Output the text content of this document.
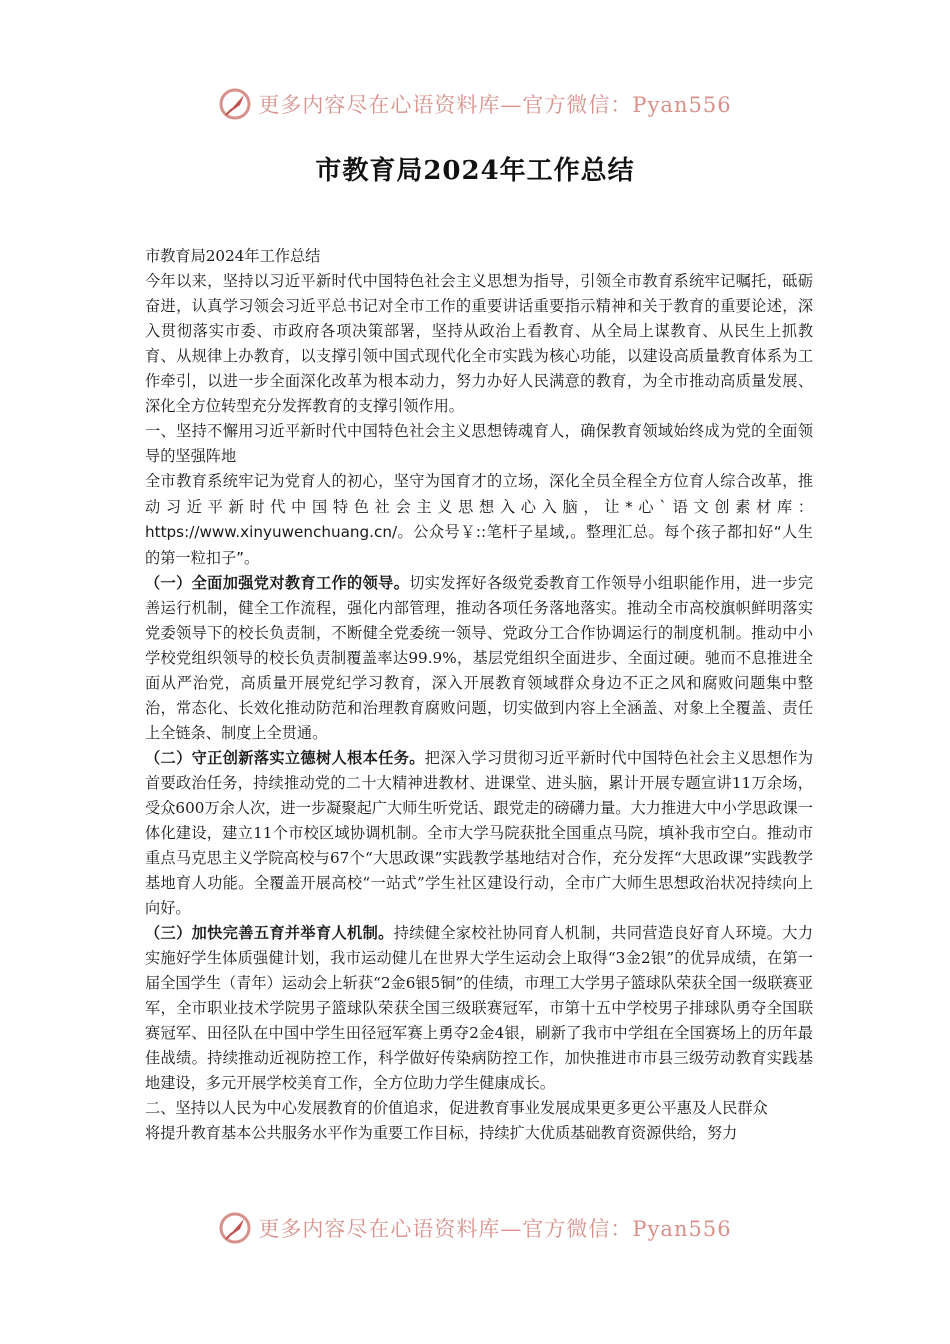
更多内容尽在心语资料库—官方微信：Pyan556
市教育局2024年工作总结

市教育局2024年工作总结

今年以来，坚持以习近平新时代中国特色社会主义思想为指导，引领全市教育系统牢记嘱托，砥砺奋进，认真学习领会习近平总书记对全市工作的重要讲话重要指示精神和关于教育的重要论述，深入贯彻落实市委、市政府各项决策部署，坚持从政治上看教育、从全局上谋教育、从民生上抓教育、从规律上办教育，以支撑引领中国式现代化全市实践为核心功能，以建设高质量教育体系为工作牵引，以进一步全面深化改革为根本动力，努力办好人民满意的教育，为全市推动高质量发展、深化全方位转型充分发挥教育的支撑引领作用。

一、坚持不懈用习近平新时代中国特色社会主义思想铸魂育人，确保教育领域始终成为党的全面领导的坚强阵地

全市教育系统牢记为党育人的初心，坚守为国育才的立场，深化全员全程全方位育人综合改革，推动习近平新时代中国特色社会主义思想入心入脑，让*心`语文创素材库：https://www.xinyuwenchuang.cn/。公众号￥::笔杆子星域,。整理汇总。每个孩子都扣好“人生的第一粒扣子”。

（一）全面加强党对教育工作的领导。切实发挥好各级党委教育工作领导小组职能作用，进一步完善运行机制，健全工作流程，强化内部管理，推动各项任务落地落实。推动全市高校旗帜鲜明落实党委领导下的校长负责制，不断健全党委统一领导、党政分工合作协调运行的制度机制。推动中小学校党组织领导的校长负责制覆盖率达99.9%，基层党组织全面进步、全面过硬。驰而不息推进全面从严治党，高质量开展党纪学习教育，深入开展教育领域群众身边不正之风和腐败问题集中整治，常态化、长效化推动防范和治理教育腐败问题，切实做到内容上全涵盖、对象上全覆盖、责任上全链条、制度上全贯通。

（二）守正创新落实立德树人根本任务。把深入学习贯彻习近平新时代中国特色社会主义思想作为首要政治任务，持续推动党的二十大精神进教材、进课堂、进头脑，累计开展专题宣讲11万余场，受众600万余人次，进一步凝聚起广大师生听党话、跟党走的磅礴力量。大力推进大中小学思政课一体化建设，建立11个市校区域协调机制。全市大学马院获批全国重点马院，填补我市空白。推动市重点马克思主义学院高校与67个“大思政课”实践教学基地结对合作，充分发挥“大思政课”实践教学基地育人功能。全覆盖开展高校“一站式”学生社区建设行动，全市广大师生思想政治状况持续向上向好。

（三）加快完善五育并举育人机制。持续健全家校社协同育人机制，共同营造良好育人环境。大力实施好学生体质强健计划，我市运动健儿在世界大学生运动会上取得“3金2银”的优异成绩，在第一届全国学生（青年）运动会上斩获“2金6银5铜”的佳绩，市理工大学男子篮球队荣获全国一级联赛亚军，全市职业技术学院男子篮球队荣获全国三级联赛冠军，市第十五中学校男子排球队勇夺全国联赛冠军、田径队在中国中学生田径冠军赛上勇夺2金4银，刷新了我市中学组在全国赛场上的历年最佳战绩。持续推动近视防控工作，科学做好传染病防控工作，加快推进市市县三级劳动教育实践基地建设，多元开展学校美育工作，全方位助力学生健康成长。

二、坚持以人民为中心发展教育的价值追求，促进教育事业发展成果更多更公平惠及人民群众

将提升教育基本公共服务水平作为重要工作目标，持续扩大优质基础教育资源供给，努力

更多内容尽在心语资料库—官方微信：Pyan556
